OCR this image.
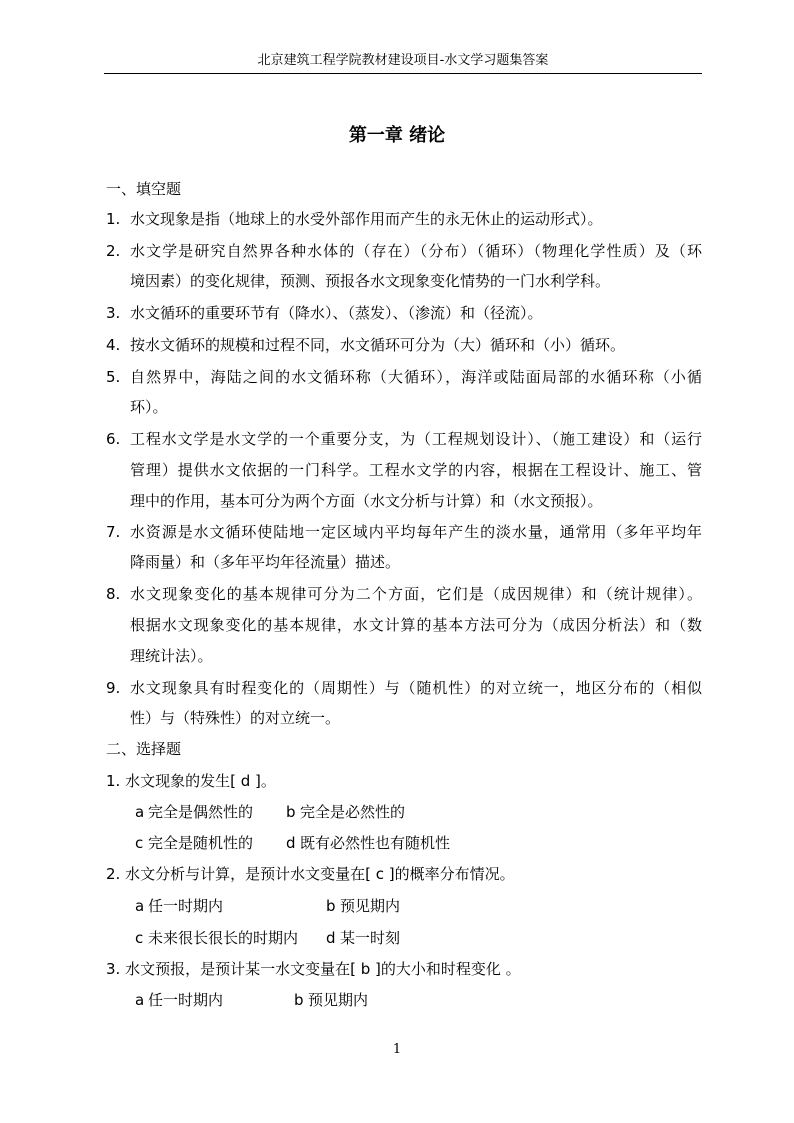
北京建筑工程学院教材建设项目-水文学习题集答案
第一章 绪论
一、填空题
1. 水文现象是指（地球上的水受外部作用而产生的永无休止的运动形式）。
2. 水文学是研究自然界各种水体的（存在）（分布）（循环）（物理化学性质）及（环
境因素）的变化规律，预测、预报各水文现象变化情势的一门水利学科。
3. 水文循环的重要环节有（降水）、（蒸发）、（渗流）和（径流）。
4. 按水文循环的规模和过程不同，水文循环可分为（大）循环和（小）循环。
5. 自然界中，海陆之间的水文循环称（大循环），海洋或陆面局部的水循环称（小循
环）。
6. 工程水文学是水文学的一个重要分支，为（工程规划设计）、（施工建设）和（运行
管理）提供水文依据的一门科学。工程水文学的内容，根据在工程设计、施工、管
理中的作用，基本可分为两个方面（水文分析与计算）和（水文预报）。
7. 水资源是水文循环使陆地一定区域内平均每年产生的淡水量，通常用（多年平均年
降雨量）和（多年平均年径流量）描述。
8. 水文现象变化的基本规律可分为二个方面，它们是（成因规律）和（统计规律）。
根据水文现象变化的基本规律，水文计算的基本方法可分为（成因分析法）和（数
理统计法）。
9. 水文现象具有时程变化的（周期性）与（随机性）的对立统一，地区分布的（相似
性）与（特殊性）的对立统一。
二、选择题
1. 水文现象的发生[ d ]。
a 完全是偶然性的 b 完全是必然性的
c 完全是随机性的 d 既有必然性也有随机性
2. 水文分析与计算，是预计水文变量在[ c ]的概率分布情况。
a 任一时期内	b 预见期内
c 未来很长很长的时期内 d 某一时刻
3. 水文预报，是预计某一水文变量在[ b ]的大小和时程变化 。
a 任一时期内	b 预见期内
1
